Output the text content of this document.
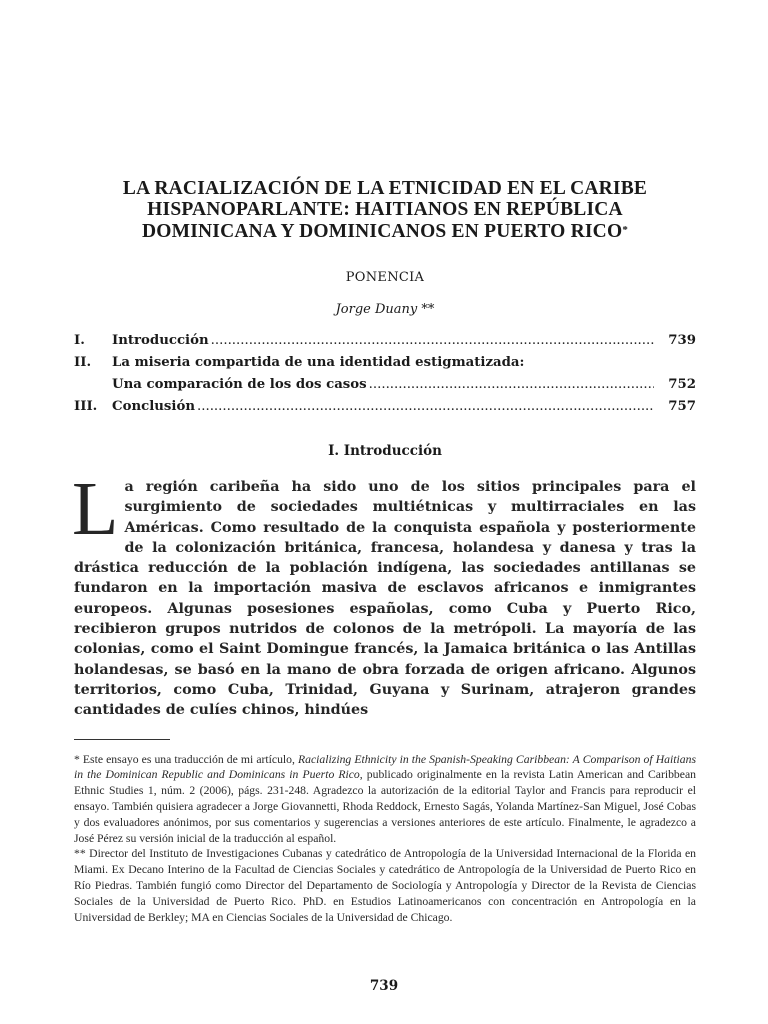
LA RACIALIZACIÓN DE LA ETNICIDAD EN EL CARIBE
HISPANOPARLANTE: HAITIANOS EN REPÚBLICA
DOMINICANA Y DOMINICANOS EN PUERTO RICO*
PONENCIA
Jorge Duany **
I.	Introducción .....	739
II.	La miseria compartida de una identidad estigmatizada:
Una comparación de los dos casos .....	752
III.	Conclusión .....	757
I. Introducción
La región caribeña ha sido uno de los sitios principales para el surgimiento de sociedades multiétnicas y multirraciales en las Américas. Como resultado de la conquista española y posteriormente de la colonización británica, francesa, holandesa y danesa y tras la drástica reducción de la población indígena, las sociedades antillanas se fundaron en la importación masiva de esclavos africanos e inmigrantes europeos. Algunas posesiones españolas, como Cuba y Puerto Rico, recibieron grupos nutridos de colonos de la metrópoli. La mayoría de las colonias, como el Saint Domingue francés, la Jamaica británica o las Antillas holandesas, se basó en la mano de obra forzada de origen africano. Algunos territorios, como Cuba, Trinidad, Guyana y Surinam, atrajeron grandes cantidades de culíes chinos, hindúes

* Este ensayo es una traducción de mi artículo, Racializing Ethnicity in the Spanish-Speaking Caribbean: A Comparison of Haitians in the Dominican Republic and Dominicans in Puerto Rico, publicado originalmente en la revista Latin American and Caribbean Ethnic Studies 1, núm. 2 (2006), págs. 231-248. Agradezco la autorización de la editorial Taylor and Francis para reproducir el ensayo. También quisiera agradecer a Jorge Giovannetti, Rhoda Reddock, Ernesto Sagás, Yolanda Martínez-San Miguel, José Cobas y dos evaluadores anónimos, por sus comentarios y sugerencias a versiones anteriores de este artículo. Finalmente, le agradezco a José Pérez su versión inicial de la traducción al español.

** Director del Instituto de Investigaciones Cubanas y catedrático de Antropología de la Universidad Internacional de la Florida en Miami. Ex Decano Interino de la Facultad de Ciencias Sociales y catedrático de Antropología de la Universidad de Puerto Rico en Río Piedras. También fungió como Director del Departamento de Sociología y Antropología y Director de la Revista de Ciencias Sociales de la Universidad de Puerto Rico. PhD. en Estudios Latinoamericanos con concentración en Antropología en la Universidad de Berkley; MA en Ciencias Sociales de la Universidad de Chicago.

739
